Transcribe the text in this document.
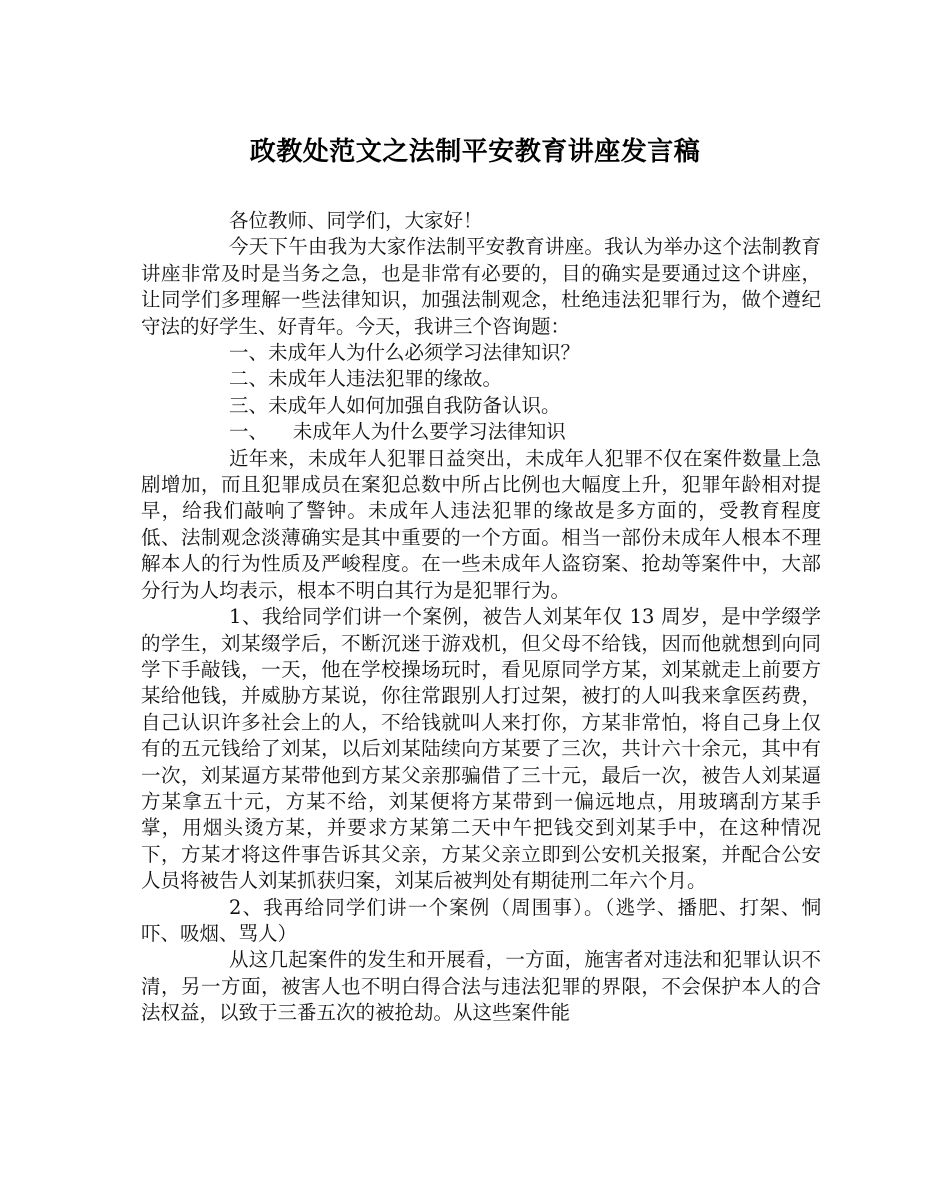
政教处范文之法制平安教育讲座发言稿

各位教师、同学们，大家好！

今天下午由我为大家作法制平安教育讲座。我认为举办这个法制教育讲座非常及时是当务之急，也是非常有必要的，目的确实是要通过这个讲座，让同学们多理解一些法律知识，加强法制观念，杜绝违法犯罪行为，做个遵纪守法的好学生、好青年。今天，我讲三个咨询题：

一、未成年人为什么必须学习法律知识？

二、未成年人违法犯罪的缘故。

三、未成年人如何加强自我防备认识。

一、    未成年人为什么要学习法律知识

近年来，未成年人犯罪日益突出，未成年人犯罪不仅在案件数量上急剧增加，而且犯罪成员在案犯总数中所占比例也大幅度上升，犯罪年龄相对提早，给我们敲响了警钟。未成年人违法犯罪的缘故是多方面的，受教育程度低、法制观念淡薄确实是其中重要的一个方面。相当一部份未成年人根本不理解本人的行为性质及严峻程度。在一些未成年人盗窃案、抢劫等案件中，大部分行为人均表示，根本不明白其行为是犯罪行为。

1、我给同学们讲一个案例，被告人刘某年仅 13 周岁，是中学缀学的学生，刘某缀学后，不断沉迷于游戏机，但父母不给钱，因而他就想到向同学下手敲钱，一天，他在学校操场玩时，看见原同学方某，刘某就走上前要方某给他钱，并威胁方某说，你往常跟别人打过架，被打的人叫我来拿医药费，自己认识许多社会上的人，不给钱就叫人来打你，方某非常怕，将自己身上仅有的五元钱给了刘某，以后刘某陆续向方某要了三次，共计六十余元，其中有一次，刘某逼方某带他到方某父亲那骗借了三十元，最后一次，被告人刘某逼方某拿五十元，方某不给，刘某便将方某带到一偏远地点，用玻璃刮方某手掌，用烟头烫方某，并要求方某第二天中午把钱交到刘某手中，在这种情况下，方某才将这件事告诉其父亲，方某父亲立即到公安机关报案，并配合公安人员将被告人刘某抓获归案，刘某后被判处有期徒刑二年六个月。

2、我再给同学们讲一个案例（周围事）。（逃学、播肥、打架、恫吓、吸烟、骂人）

从这几起案件的发生和开展看，一方面，施害者对违法和犯罪认识不清，另一方面，被害人也不明白得合法与违法犯罪的界限，不会保护本人的合法权益，以致于三番五次的被抢劫。从这些案件能
